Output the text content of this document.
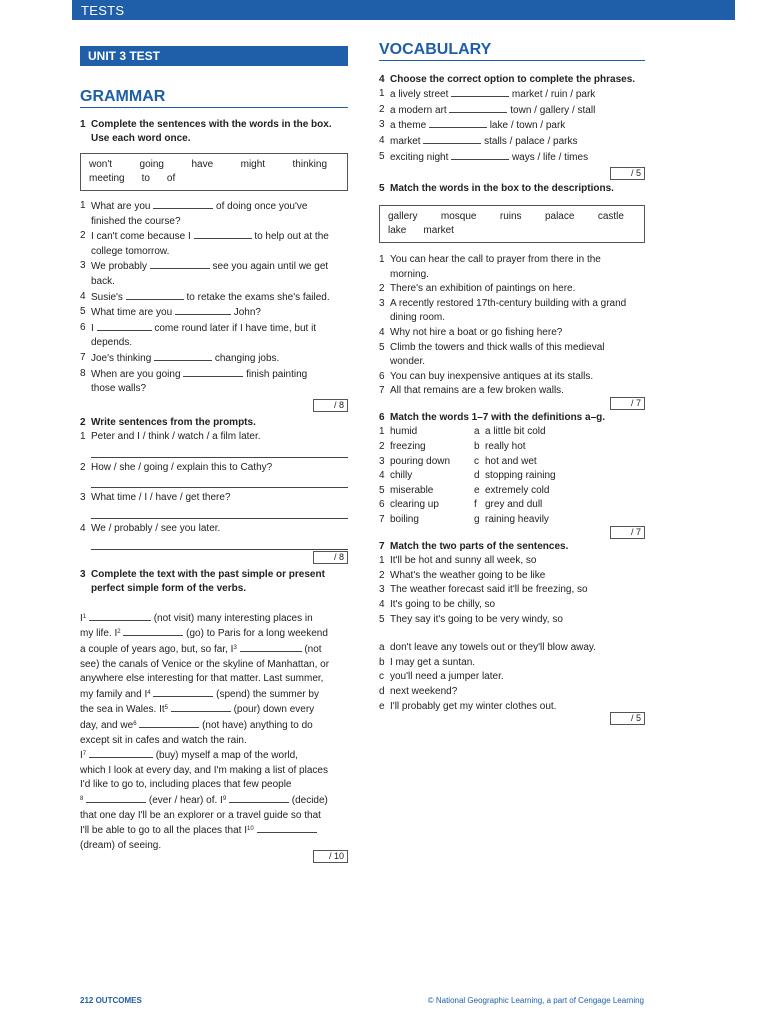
TESTS
UNIT 3 TEST
GRAMMAR
1 Complete the sentences with the words in the box.
Use each word once.
won't	going	have	might	thinking
meeting to of
1 What are you	of doing once you've
finished the course?
2 I can't come because I	to help out at the
college tomorrow.
3 We probably	see you again until we get
back.
4 Susie's	to retake the exams she's failed.
5 What time are you	John?
6 I	come round later if I have time, but it
depends.
7 Joe's thinking	changing jobs.
8 When are you going	finish painting
those walls?
/ 8
2 Write sentences from the prompts.
1 Peter and I / think / watch / a film later.
2 How / she / going / explain this to Cathy?
3 What time / I / have / get there?
4 We / probably / see you later.
/ 8
3 Complete the text with the past simple or present
perfect simple form of the verbs.
$I^1$	(not visit) many interesting places in
my life. $I^2$	(go) to Paris for a long weekend
a couple of years ago, but, so far, $I^3$	(not
see) the canals of Venice or the skyline of Manhattan, or
anywhere else interesting for that matter. Last summer,
my family and $I^4$	(spend) the summer by
the sea in Wales. It$^5$	(pour) down every
day, and $we^6$	(not have) anything to do
except sit in cafes and watch the rain.
$I^7$	(buy) myself a map of the world,
which I look at every day, and I'm making a list of places
I'd like to go to, including places that few people
$^8$	(ever / hear) of. $I^9$	(decide)
that one day I'll be an explorer or a travel guide so that
I'll be able to go to all the places that $I^{10}$
(dream) of seeing.
/ 10
VOCABULARY
4 Choose the correct option to complete the phrases.
1 a lively street	market / ruin / park
2 a modern art	town / gallery / stall
3 a theme	lake / town / park
4 market	stalls / palace / parks
5 exciting night	ways / life / times
/ 5
5 Match the words in the box to the descriptions.
gallery mosque ruins palace castle
lake market
1 You can hear the call to prayer from there in the
morning.
2 There's an exhibition of paintings on here.
3 A recently restored 17th-century building with a grand
dining room.
4 Why not hire a boat or go fishing here?
5 Climb the towers and thick walls of this medieval
wonder.
6 You can buy inexpensive antiques at its stalls.
7 All that remains are a few broken walls.
/ 7
6 Match the words 1–7 with the definitions a–g.
1 humid	a a little bit cold
2 freezing	b really hot
3 pouring down	c hot and wet
4 chilly	d stopping raining
5 miserable	e extremely cold
6 clearing up	f grey and dull
7 boiling	g raining heavily
/ 7
7 Match the two parts of the sentences.
1 It'll be hot and sunny all week, so
2 What's the weather going to be like
3 The weather forecast said it'll be freezing, so
4 It's going to be chilly, so
5 They say it's going to be very windy, so
a don't leave any towels out or they'll blow away.
b I may get a suntan.
c you'll need a jumper later.
d next weekend?
e I'll probably get my winter clothes out.
/ 5
212 OUTCOMES	© National Geographic Learning, a part of Cengage Learning
